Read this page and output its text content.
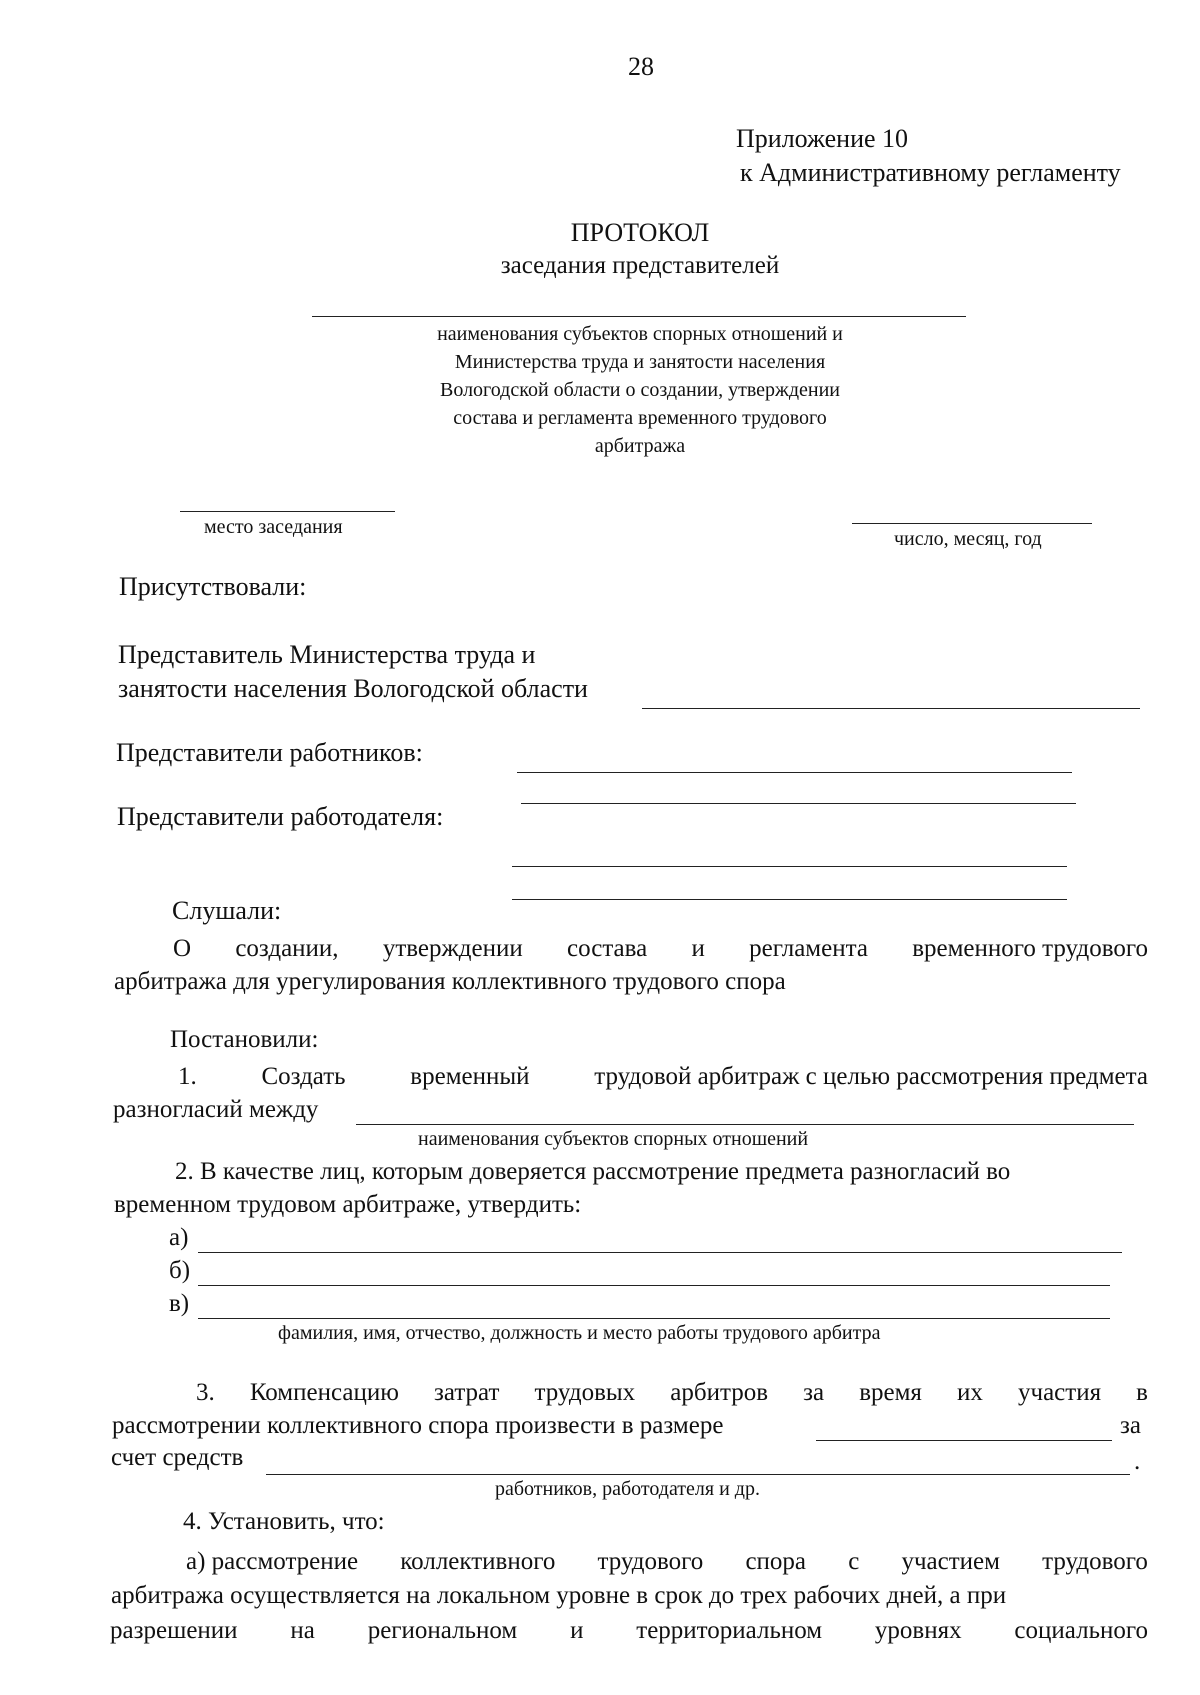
28
Приложение 10
к Административному регламенту
ПРОТОКОЛ
заседания представителей
наименования субъектов спорных отношений и
Министерства труда и занятости населения
Вологодской области о создании, утверждении
состава и регламента временного трудового
арбитража
место заседания
число, месяц, год
Присутствовали:
Представитель Министерства труда и
занятости населения Вологодской области
Представители работников:
Представители работодателя:
Слушали:
О создании, утверждении состава и регламента временного трудового
арбитража для урегулирования коллективного трудового спора
Постановили:
1.	Создать	временный	трудовой арбитраж с целью рассмотрения предмета
разногласий между
наименования субъектов спорных отношений
2. В качестве лиц, которым доверяется рассмотрение предмета разногласий во
временном трудовом арбитраже, утвердить:
а)
б)
в)
фамилия, имя, отчество, должность и место работы трудового арбитра
3. Компенсацию затрат трудовых арбитров за время их участия в
рассмотрении коллективного спора произвести в размере	за
счет средств	.
работников, работодателя и др.
4. Установить, что:
а) рассмотрение коллективного трудового спора с участием трудового
арбитража осуществляется на локальном уровне в срок до трех рабочих дней, а при
разрешении на региональном и территориальном уровнях социального
